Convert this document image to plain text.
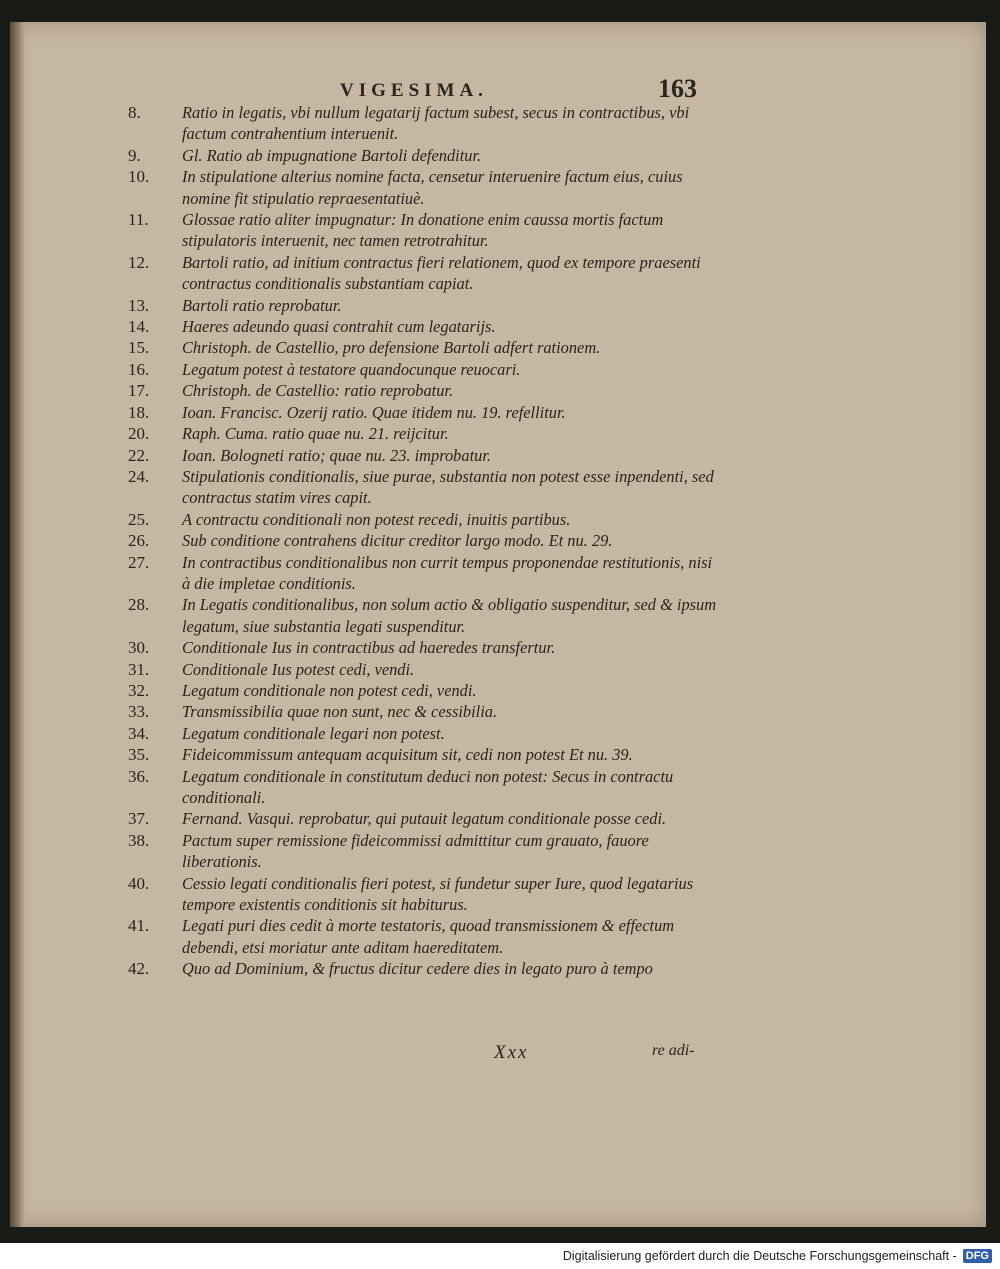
VIGESIMA.	163
8.	Ratio in legatis, vbi nullum legatarij factum subest, secus in contractibus, vbi factum contrahentium interuenit.
9.	Gl. Ratio ab impugnatione Bartoli defenditur.
10.	In stipulatione alterius nomine facta, censetur interuenire factum eius, cuius nomine fit stipulatio repraesentatiuè.
11.	Glossae ratio aliter impugnatur: In donatione enim caussa mortis factum stipulatoris interuenit, nec tamen retrotrahitur.
12.	Bartoli ratio, ad initium contractus fieri relationem, quod ex tempore praesenti contractus conditionalis substantiam capiat.
13.	Bartoli ratio reprobatur.
14.	Haeres adeundo quasi contrahit cum legatarijs.
15.	Christoph. de Castellio, pro defensione Bartoli adfert rationem.
16.	Legatum potest à testatore quandocunque reuocari.
17.	Christoph. de Castellio: ratio reprobatur.
18.	Ioan. Francisc. Ozerij ratio. Quae itidem nu. 19. refellitur.
20.	Raph. Cuma. ratio quae nu. 21. reijcitur.
22.	Ioan. Bologneti ratio; quae nu. 23. improbatur.
24.	Stipulationis conditionalis, siue purae, substantia non potest esse inpendenti, sed contractus statim vires capit.
25.	A contractu conditionali non potest recedi, inuitis partibus.
26.	Sub conditione contrahens dicitur creditor largo modo. Et nu. 29.
27.	In contractibus conditionalibus non currit tempus proponendae restitutionis, nisi à die impletae conditionis.
28.	In Legatis conditionalibus, non solum actio & obligatio suspenditur, sed & ipsum legatum, siue substantia legati suspenditur.
30.	Conditionale Ius in contractibus ad haeredes transfertur.
31.	Conditionale Ius potest cedi, vendi.
32.	Legatum conditionale non potest cedi, vendi.
33.	Transmissibilia quae non sunt, nec & cessibilia.
34.	Legatum conditionale legari non potest.
35.	Fideicommissum antequam acquisitum sit, cedi non potest Et nu. 39.
36.	Legatum conditionale in constitutum deduci non potest: Secus in contractu conditionali.
37.	Fernand. Vasqui. reprobatur, qui putauit legatum conditionale posse cedi.
38.	Pactum super remissione fideicommissi admittitur cum grauato, fauore liberationis.
40.	Cessio legati conditionalis fieri potest, si fundetur super Iure, quod legatarius tempore existentis conditionis sit habiturus.
41.	Legati puri dies cedit à morte testatoris, quoad transmissionem & effectum debendi, etsi moriatur ante aditam haereditatem.
42.	Quo ad Dominium, & fructus dicitur cedere dies in legato puro à tempo
Xxx	re adi-
Digitalisierung gefördert durch die Deutsche Forschungsgemeinschaft - DFG
